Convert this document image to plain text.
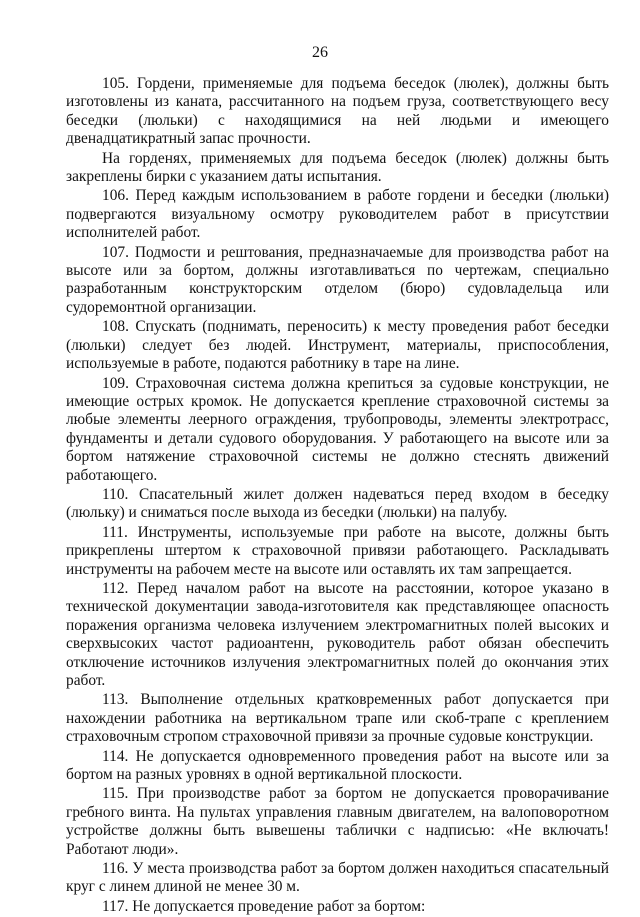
26

105. Гордени, применяемые для подъема беседок (люлек), должны быть изготовлены из каната, рассчитанного на подъем груза, соответствующего весу беседки (люльки) с находящимися на ней людьми и имеющего двенадцатикратный запас прочности.

На горденях, применяемых для подъема беседок (люлек) должны быть закреплены бирки с указанием даты испытания.

106. Перед каждым использованием в работе гордени и беседки (люльки) подвергаются визуальному осмотру руководителем работ в присутствии исполнителей работ.

107. Подмости и рештования, предназначаемые для производства работ на высоте или за бортом, должны изготавливаться по чертежам, специально разработанным конструкторским отделом (бюро) судовладельца или судоремонтной организации.

108. Спускать (поднимать, переносить) к месту проведения работ беседки (люльки) следует без людей. Инструмент, материалы, приспособления, используемые в работе, подаются работнику в таре на лине.

109. Страховочная система должна крепиться за судовые конструкции, не имеющие острых кромок. Не допускается крепление страховочной системы за любые элементы леерного ограждения, трубопроводы, элементы электротрасс, фундаменты и детали судового оборудования. У работающего на высоте или за бортом натяжение страховочной системы не должно стеснять движений работающего.

110. Спасательный жилет должен надеваться перед входом в беседку (люльку) и сниматься после выхода из беседки (люльки) на палубу.

111. Инструменты, используемые при работе на высоте, должны быть прикреплены штертом к страховочной привязи работающего. Раскладывать инструменты на рабочем месте на высоте или оставлять их там запрещается.

112. Перед началом работ на высоте на расстоянии, которое указано в технической документации завода-изготовителя как представляющее опасность поражения организма человека излучением электромагнитных полей высоких и сверхвысоких частот радиоантенн, руководитель работ обязан обеспечить отключение источников излучения электромагнитных полей до окончания этих работ.

113. Выполнение отдельных кратковременных работ допускается при нахождении работника на вертикальном трапе или скоб-трапе с креплением страховочным стропом страховочной привязи за прочные судовые конструкции.

114. Не допускается одновременного проведения работ на высоте или за бортом на разных уровнях в одной вертикальной плоскости.

115. При производстве работ за бортом не допускается проворачивание гребного винта. На пультах управления главным двигателем, на валоповоротном устройстве должны быть вывешены таблички с надписью: «Не включать! Работают люди».

116. У места производства работ за бортом должен находиться спасательный круг с линем длиной не менее 30 м.

117. Не допускается проведение работ за бортом:
